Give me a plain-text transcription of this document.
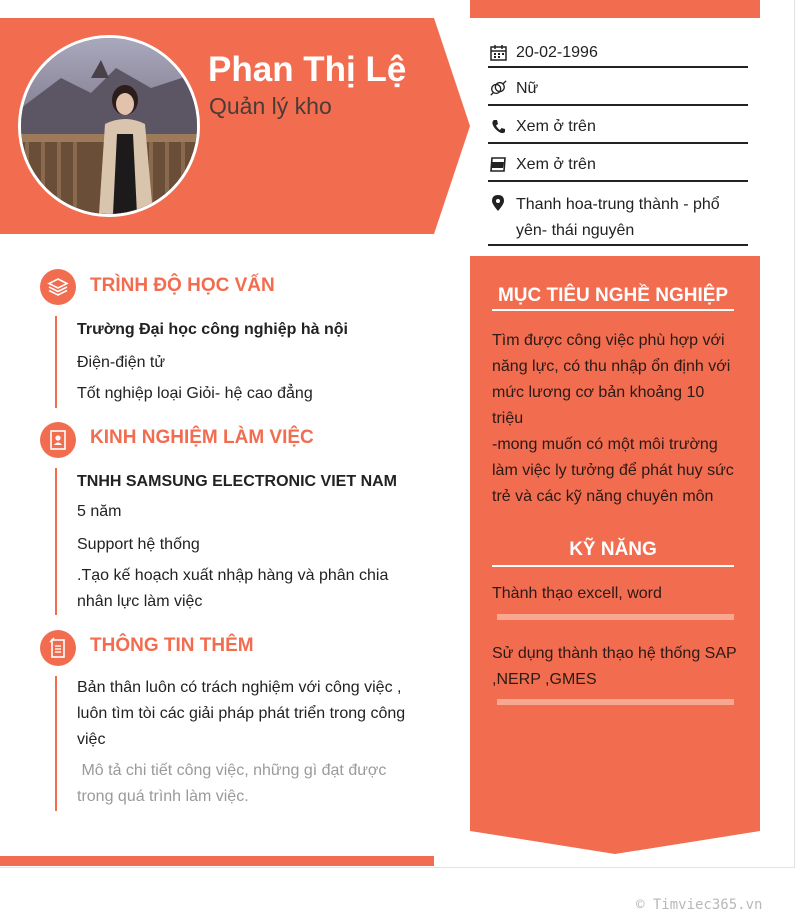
Phan Thị Lệ
Quản lý kho
20-02-1996
Nữ
Xem ở trên
Xem ở trên
Thanh hoa-trung thành - phổ yên- thái nguyên
TRÌNH ĐỘ HỌC VẤN
Trường Đại học công nghiệp hà nội
Điện-điện tử
Tốt nghiệp loại Giỏi- hệ cao đẳng
KINH NGHIỆM LÀM VIỆC
TNHH SAMSUNG ELECTRONIC VIET NAM
5 năm
Support hệ thống
.Tạo kế hoạch xuất nhập hàng và phân chia nhân lực làm việc
THÔNG TIN THÊM
Bản thân luôn có trách nghiệm với công việc , luôn tìm tòi các giải pháp phát triển trong công việc
Mô tả chi tiết công việc, những gì đạt được trong quá trình làm việc.
MỤC TIÊU NGHỀ NGHIỆP
Tìm được công việc phù hợp với năng lực, có thu nhập ổn định với mức lương cơ bản khoảng 10 triệu
-mong muốn có một môi trường làm việc ly tưởng để phát huy sức trẻ và các kỹ năng chuyên môn
KỸ NĂNG
Thành thạo excell, word
Sử dụng thành thạo hệ thống SAP ,NERP ,GMES
© Timviec365.vn
